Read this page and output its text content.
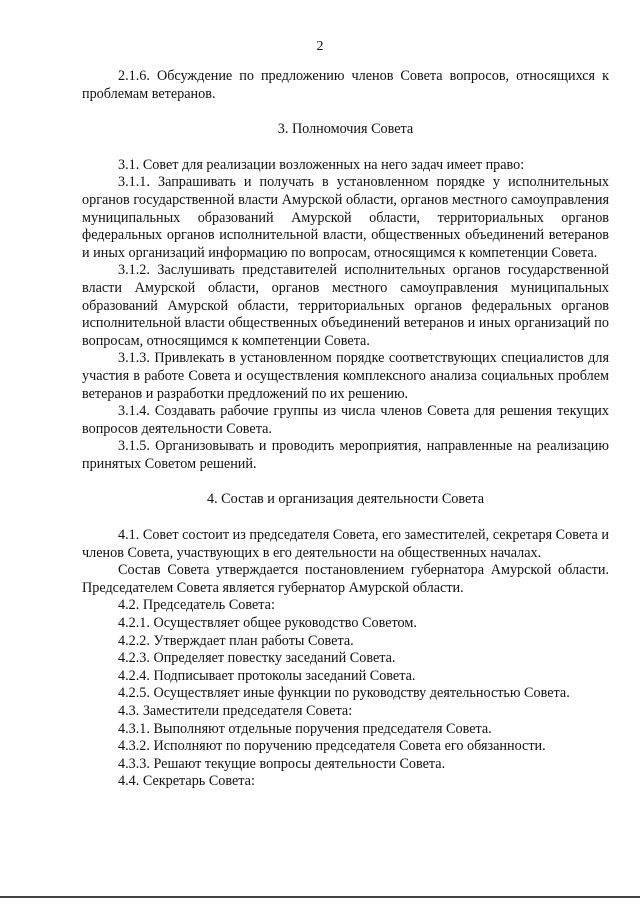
2

2.1.6. Обсуждение по предложению членов Совета вопросов, относящихся к проблемам ветеранов.

3. Полномочия Совета

3.1. Совет для реализации возложенных на него задач имеет право:

3.1.1. Запрашивать и получать в установленном порядке у исполнительных органов государственной власти Амурской области, органов местного самоуправления муниципальных образований Амурской области, территориальных органов федеральных органов исполнительной власти, общественных объединений ветеранов и иных организаций информацию по вопросам, относящимся к компетенции Совета.

3.1.2. Заслушивать представителей исполнительных органов государственной власти Амурской области, органов местного самоуправления муниципальных образований Амурской области, территориальных органов федеральных органов исполнительной власти общественных объединений ветеранов и иных организаций по вопросам, относящимся к компетенции Совета.

3.1.3. Привлекать в установленном порядке соответствующих специалистов для участия в работе Совета и осуществления комплексного анализа социальных проблем ветеранов и разработки предложений по их решению.

3.1.4. Создавать рабочие группы из числа членов Совета для решения текущих вопросов деятельности Совета.

3.1.5. Организовывать и проводить мероприятия, направленные на реализацию принятых Советом решений.

4. Состав и организация деятельности Совета

4.1. Совет состоит из председателя Совета, его заместителей, секретаря Совета и членов Совета, участвующих в его деятельности на общественных началах.

Состав Совета утверждается постановлением губернатора Амурской области. Председателем Совета является губернатор Амурской области.

4.2. Председатель Совета:

4.2.1. Осуществляет общее руководство Советом.

4.2.2. Утверждает план работы Совета.

4.2.3. Определяет повестку заседаний Совета.

4.2.4. Подписывает протоколы заседаний Совета.

4.2.5. Осуществляет иные функции по руководству деятельностью Совета.

4.3. Заместители председателя Совета:

4.3.1. Выполняют отдельные поручения председателя Совета.

4.3.2. Исполняют по поручению председателя Совета его обязанности.

4.3.3. Решают текущие вопросы деятельности Совета.

4.4. Секретарь Совета:
